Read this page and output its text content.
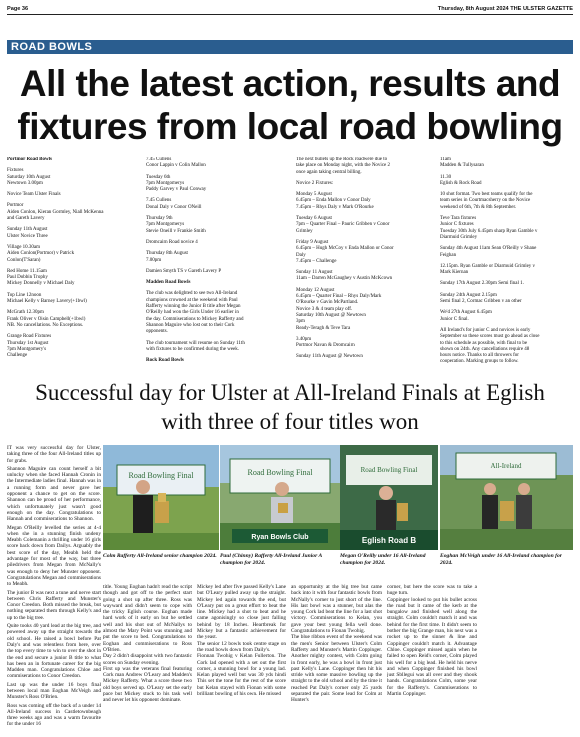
Page 36	Thursday, 8th August 2024 THE ULSTER GAZETTE
ROAD BOWLS
All the latest action, results and fixtures from local road bowling

Portmor Road Bowls

Fixtures
Saturday 10th August
Newtown 3.00pm

Novice Team Ulster Finals

Portmor
Aiden Conlon, Kieran Gormley, Niall McKenna and Gareth Lavery

Sunday 11th August
Ulster Novice Three

Village 10.30am
Aiden Conlon(Portmor) v Patrick Conlon(T'Saran)

Red Home 11.15am
Paul Dobbin Trophy
Mickey Donnelly v Michael Daly

Top Line 12noon
Michael Kelly v Barney Lavery(+1bwl)

McGrath 12.30pm
Frank Oliver v Oisin Campbell(+1bwl)
NB. No cancellations. No Exceptions.

Grange Road Fixtures
Thursday 1st August
7pm Montgomery's
Challenge

7.45 Cullens
Conor Lappin v Colin Mallon

Tuesday 6th
7pm Montgomerys
Paddy Garvey v Paul Conway

7.45 Cullens
Donal Daly v Conor ONeill

Thursday 9th
7pm Montgomerys
Stevie Oneill v Frankie Smith

Dromcairn Road novice 4

Thursday 8th August
7.00pm

Damien Smyth TS v Gareth Lavery P

Madden Road Bowls

The club was delighted to see two All-Ireland champions crowned at the weekend with Paul Rafferty winning the Junior B title after Megan O'Reilly had won the Girls Under 16 earlier in the day. Commiserations to Mickey Rafferty and Shannon Maguire who lost out to their Cork opponents.

The club tournament will resume on Sunday 11th with fixtures to be confirmed during the week.

Rock Road Bowls

The next bullets up the Rock roadwere due to take place on Monday night, with the Novice 2 once again taking central billing.

Novice 2 Fixtures:

Monday 5 August
6.45pm – Enda Mallon v Conor Daly
7.45pm – Rhys Daly v Mark O'Rourke

Tuesday 6 August
7pm – Quarter Final – Pauric Gribben v Conor Grimley

Friday 9 August
6.45pm – Hugh McCoy v Enda Mallon or Conor Daly
7.45pm – Challenge

Sunday 11 August
11am – Darren McGaughey v Austin McKcown

Monday 12 August
6.45pm – Quarter Final – Rhys Daly/Mark O'Rourke v Gavin McPartland.
Novice 3 & 4 team play off.
Saturday 10th August @ Newtown
3pm
Ready-Teragh & Teve Tara

3.40pm
Portmor Navan & Dromcairn

Sunday 11th August @ Newtown

11am
Madden & Tullysaran

11.30
Eglish & Rock Road

10 shot format. Two best teams qualify for the team series in Courtmacsherry on the Novice weekend of 6th, 7th & 8th September.

Teve Tara fixtures
Junior C fixtures
Tuesday 30th July 6.45pm sharp Ryan Gamble v Diarmuid Grimley

Sunday 4th August 11am Sean O'Reilly v Shane Feighan

12.15pm. Ryan Gamble or Diarmuid Grimley v Mark Kiernan

Sunday 17th August 2.30pm Semi final 1.

Sunday 24th August 2.15pm
Semi final 2, Cormac Gribben v an other

We'd 27th August 6.45pm
Junior C final.

All Ireland's for junior C and novices is early September so these scores must go ahead as close to this schedule as possible, with final to be shown on 24th. Any cancellations require 48 hours notice. Thanks to all throwers for cooperation. Marking groups to follow.

Successful day for Ulster at All-Ireland Finals at Eglish with three of four titles won

IT was very successful day for Ulster, taking three of the four All-Ireland titles up for grabs.

Shannon Maguire can count herself a bit unlucky when she faced Hannah Cronin in the Intermediate ladies final. Hannah was in a running form and never gave her opponent a chance to get on the score. Shannon can be proud of her performance, which unfortunately just wasn't good enough on the day. Congratulations to Hannah and commiserations to Shannon.

Megan O'Reilly levelled the series at 4-4 when she in a stunning finish undeny Meabh Colemanin a thrilling under 16 girls score back down from Dailys. Arguably the best score of the day, Meabh held the advantage for most of the way, but three piledrivers from Megan from McNally's was enough to deny her Munster opponent. Congratulations Megan and commiserations to Meabh.

The junior B was next a tune and nerve start between Chris Rafferty and Munster's Conor Creedon. Both missed the break, but nothing separated them through Kelly's and up to the big tree.

Quite tooks 40 yard lead at the big tree, and powered away up the straight towards the old school. He raised a bowl before Pat Daly's and was relentless from here, over the top every time to win to over the shot in the end and secure a junior B title to what has been an in fortunate career for the big Madden man. Congratulations Chloe and commiserations to Conor Creedon.

Last up was the under 16 boys final between local man Eoghan McVeigh and Munster's Ross O'Brien.

Ross was coming off the back of a under 14 All-Ireland success in Castletownbeagh three weeks ago and was a warm favourite for the under 16

Road Bowling Final	Road Bowling Final
Ryan Bowls Club
Road Bowling Final
Eglish Road B
All-Ireland
Colm Rafferty All-Ireland senior champion 2024. Paul (Chinny) Rafferty All-Ireland Junior A champion for 2024.
Megan O'Reilly under 16 All-Ireland champion for 2024.
Eoghan McVeigh under 16 All-Ireland champion for 2024.

title. Young Eoghan hadn't read the script though and got off to the perfect start going a shot up after three. Ross was wayward and didn't seem to cope with the tricky Eglish course. Eoghan made hard work of it early on but he settled well and his shot out of McNallys to almost the Mary Point was stunning and put the score to bed. Congratulations to Eoghan and commiserations to Ross O'Brien.

Day 2 didn't disappoint with two fantastic scores on Sunday evening.

First up was the veterans final featuring Cork man Andrew O'Leary and Madden's Mickey Rafferty. What a score these two old boys served up. O'Leary set the early pace but Mickey stuck to his task well and never let his opponent dominate.

Mickey led after five passed Kelly's Lane but O'Leary pulled away up the straight. Mickey led again towards the end, but O'Leary put on a great effort to beat the line. Mickey had a shot to beat and he came agonisingly so close just falling behind by 18 Inches. Heartbreak for Mickey but a fantastic achievement for the yeast.

The senior 12 bowls took centre stage on the road bowls down from Daily's.

Fionnan Twohig v Kelan Fullerton. The Cork lad opened with a set out the first corner, a stunning bowl for a young lad. Kelan played well but was 30 yds hindi This set the tone for the rest of the score but Kelan stayed with Fionan with some brilliant bowling of his own. He missed

an opportunity at the big tree but came back into it with four fantastic bowls from McNally's corner to just short of the line. His last bowl was a stunner, but alas the young Cork lad beat the line for a last shot victory. Commiserations to Kelan, you gave your best young fella well done. Congratulations to Fionan Twohig.

The blue ribbon event of the weekend was the men's Senior between Ulster's Colm Rafferty and Munster's Martin Coppinger. Another mighty contest, with Colm going in front early, he was a bowl in front just past Kelly's Lane. Coppinger then hit his stride with some massive bowling up the straight to the old school and by the time it reached Pat Daly's corner only 25 yards separated the pair. Some lead for Colm at Hunter's

corner, but here the score was to take a huge turn.

Coppinger looked to put his bullet across the road but it came of the kerb at the bungalow and finished well along the straight. Colm couldn't match it and was behind for the first time. It didn't seem to bother the big Grange man, his next was a rocket up to the sinner & line and Coppinger couldn't match it. Advantage Chloe. Coppinger missed again when he failed to open Reid's corner, Colm played his well for a big lead. He held his nerve and when Coppinger finished his bowl just Sbllegui was all over and they shook hands. Congratulations Colm, some year for the Rafferty's. Commiserations to Martin Coppinger.
